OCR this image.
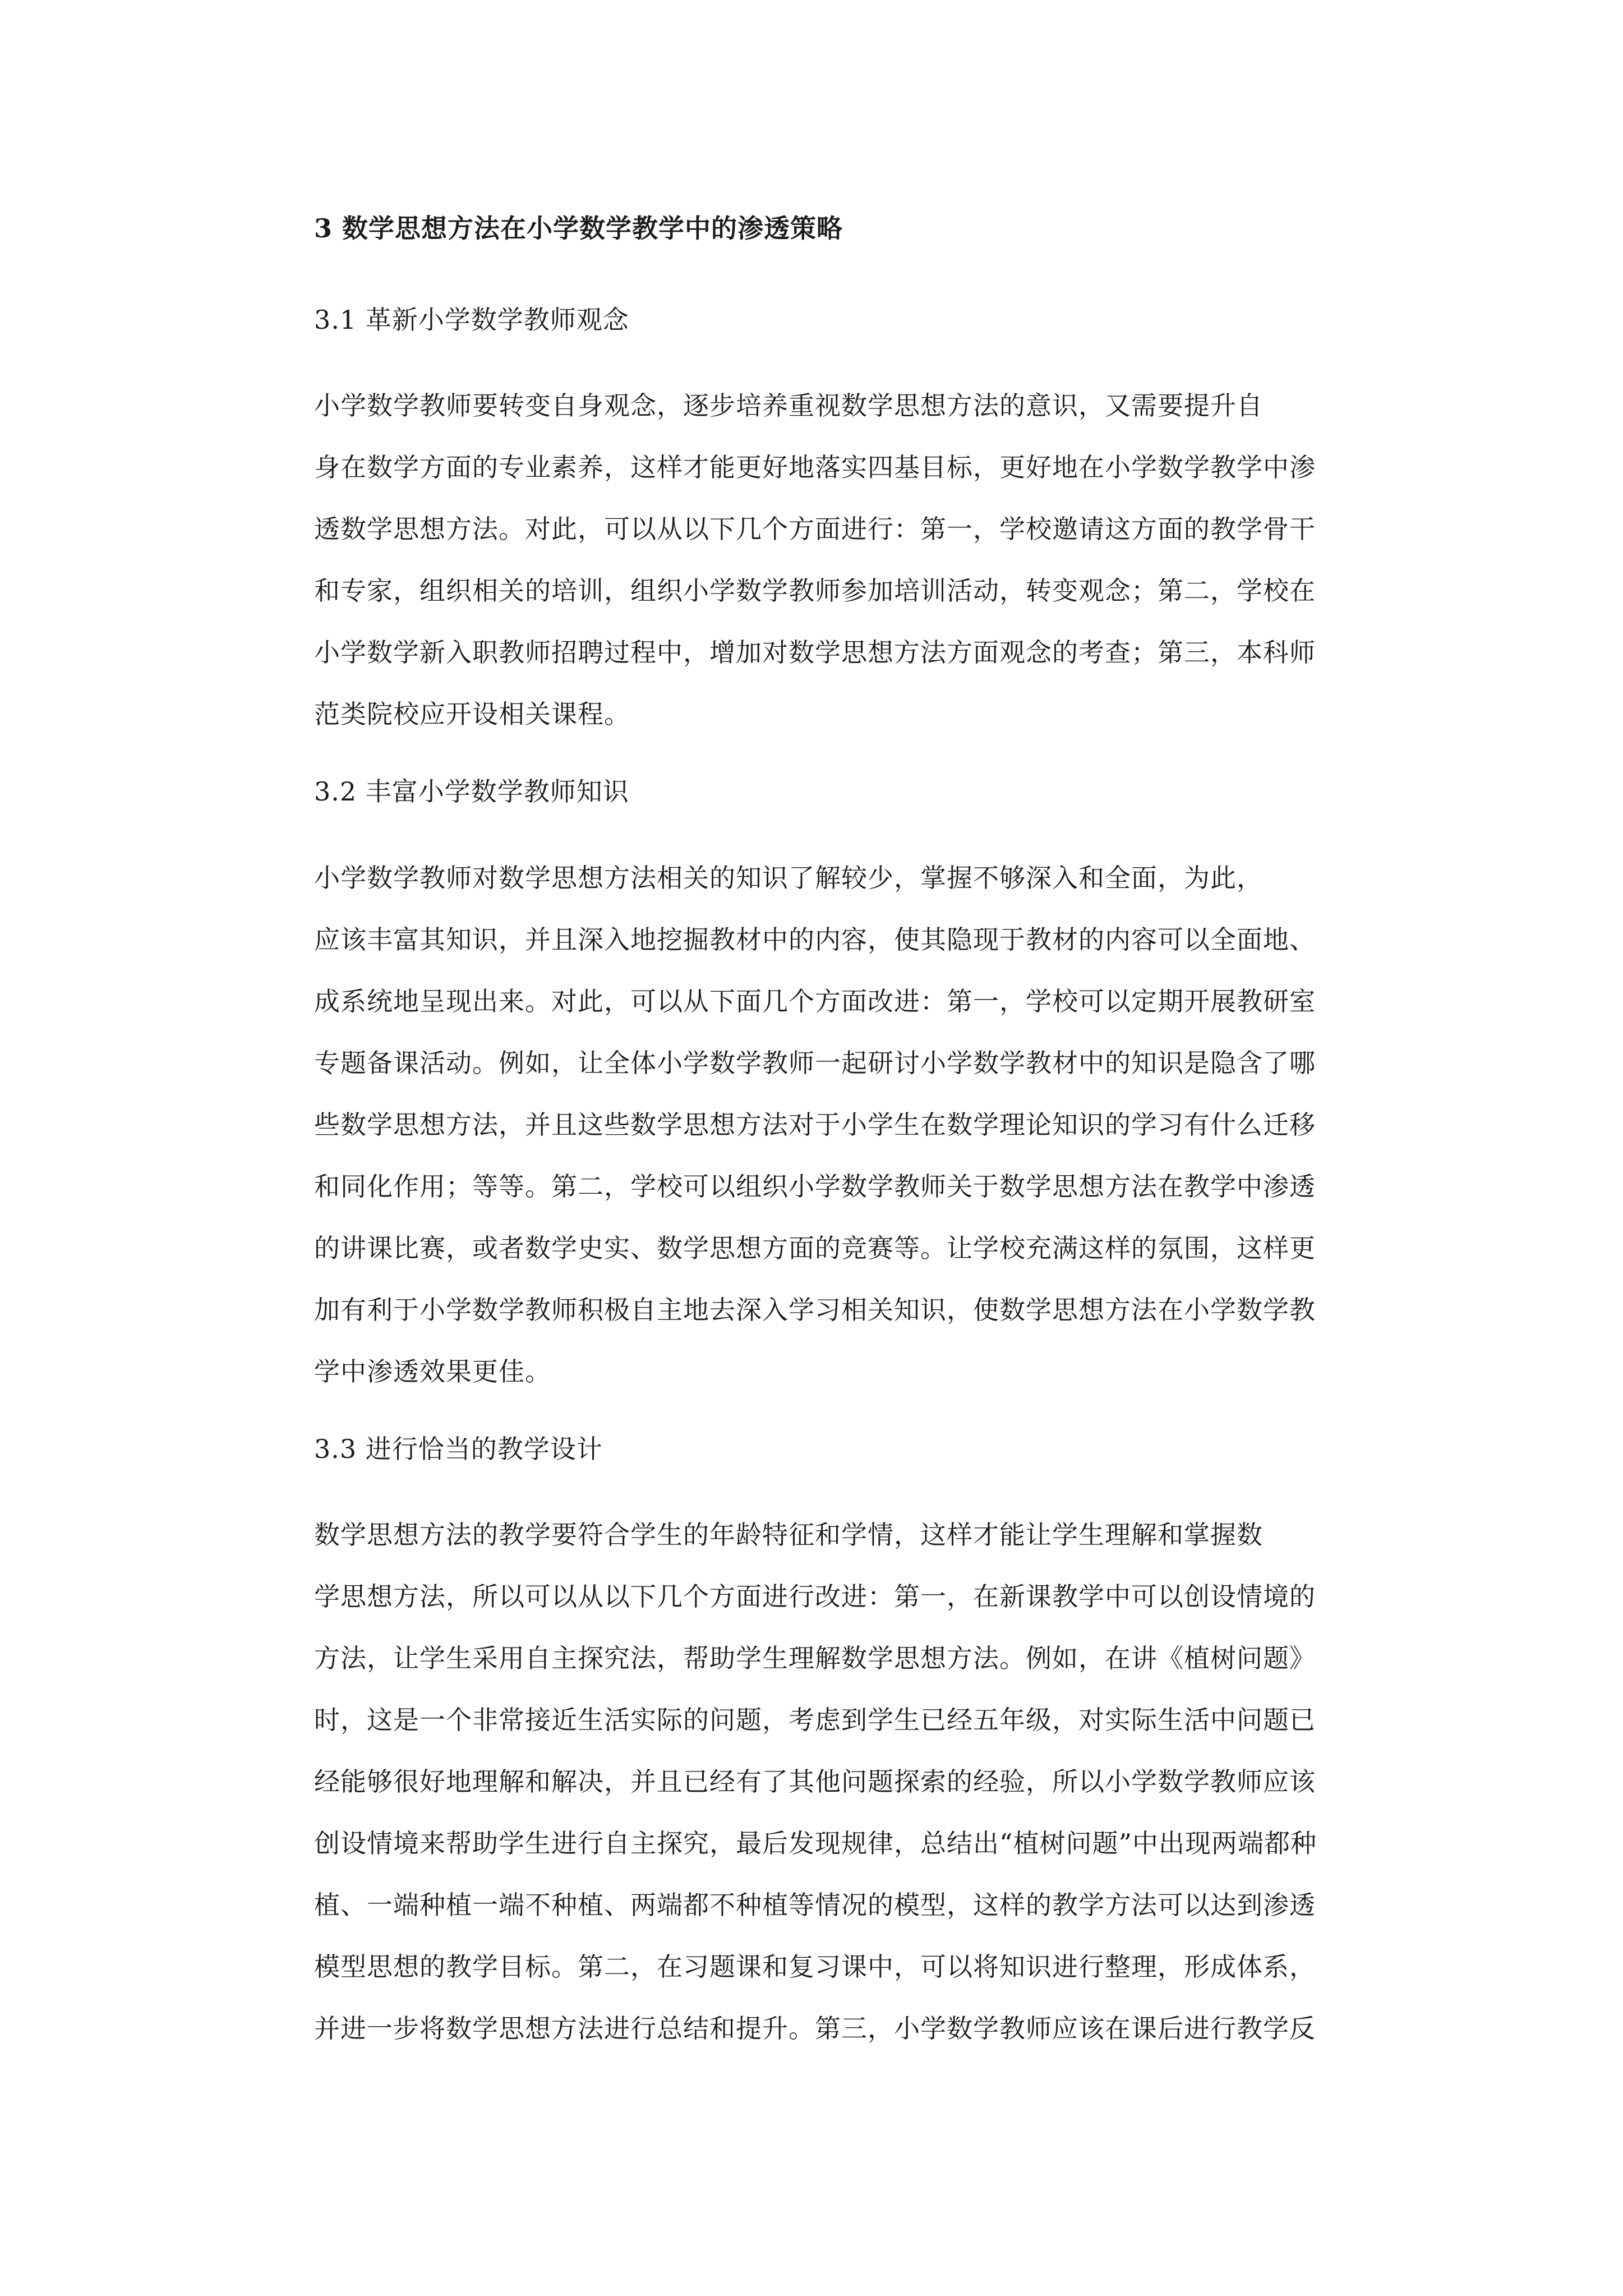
3 数学思想方法在小学数学教学中的渗透策略
3.1 革新小学数学教师观念
小学数学教师要转变自身观念，逐步培养重视数学思想方法的意识，又需要提升自
身在数学方面的专业素养，这样才能更好地落实四基目标，更好地在小学数学教学中渗
透数学思想方法。对此，可以从以下几个方面进行：第一，学校邀请这方面的教学骨干
和专家，组织相关的培训，组织小学数学教师参加培训活动，转变观念；第二，学校在
小学数学新入职教师招聘过程中，增加对数学思想方法方面观念的考查；第三，本科师
范类院校应开设相关课程。
3.2 丰富小学数学教师知识
小学数学教师对数学思想方法相关的知识了解较少，掌握不够深入和全面，为此，
应该丰富其知识，并且深入地挖掘教材中的内容，使其隐现于教材的内容可以全面地、
成系统地呈现出来。对此，可以从下面几个方面改进：第一，学校可以定期开展教研室
专题备课活动。例如，让全体小学数学教师一起研讨小学数学教材中的知识是隐含了哪
些数学思想方法，并且这些数学思想方法对于小学生在数学理论知识的学习有什么迁移
和同化作用；等等。第二，学校可以组织小学数学教师关于数学思想方法在教学中渗透
的讲课比赛，或者数学史实、数学思想方面的竞赛等。让学校充满这样的氛围，这样更
加有利于小学数学教师积极自主地去深入学习相关知识，使数学思想方法在小学数学教
学中渗透效果更佳。
3.3 进行恰当的教学设计
数学思想方法的教学要符合学生的年龄特征和学情，这样才能让学生理解和掌握数
学思想方法，所以可以从以下几个方面进行改进：第一，在新课教学中可以创设情境的
方法，让学生采用自主探究法，帮助学生理解数学思想方法。例如，在讲《植树问题》
时，这是一个非常接近生活实际的问题，考虑到学生已经五年级，对实际生活中问题已
经能够很好地理解和解决，并且已经有了其他问题探索的经验，所以小学数学教师应该
创设情境来帮助学生进行自主探究，最后发现规律，总结出“植树问题”中出现两端都种
植、一端种植一端不种植、两端都不种植等情况的模型，这样的教学方法可以达到渗透
模型思想的教学目标。第二，在习题课和复习课中，可以将知识进行整理，形成体系，
并进一步将数学思想方法进行总结和提升。第三，小学数学教师应该在课后进行教学反
